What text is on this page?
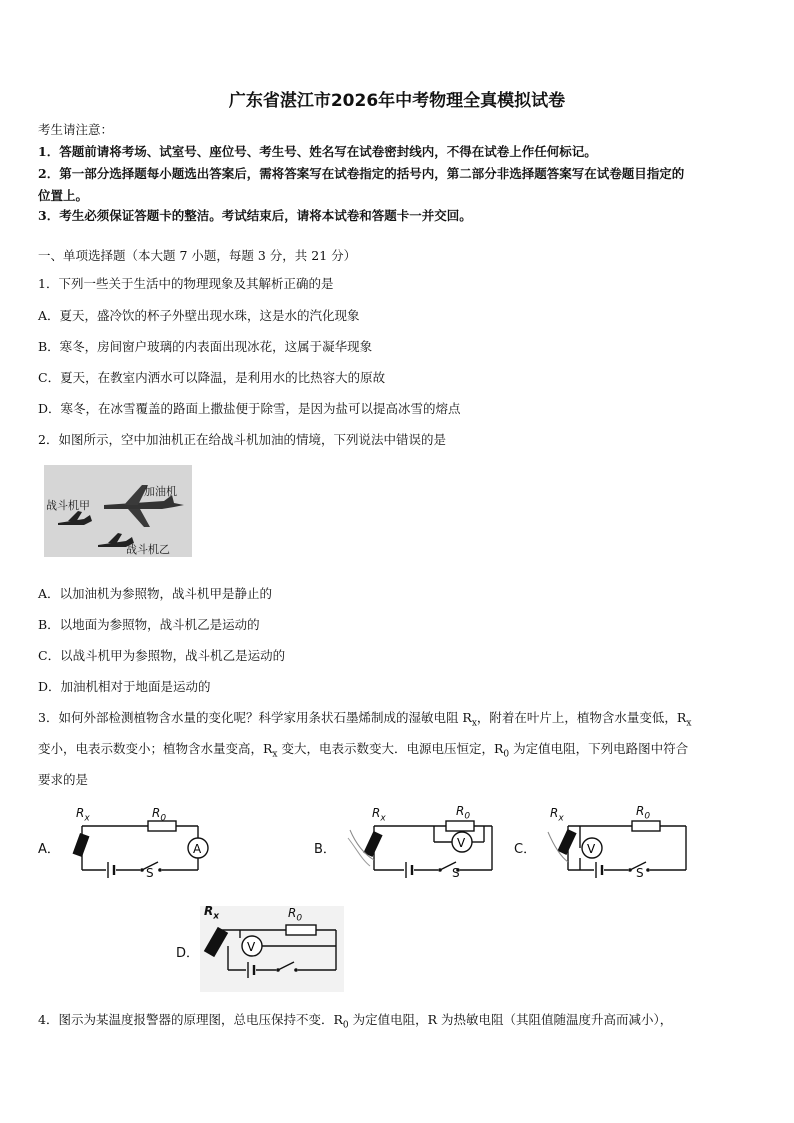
广东省湛江市2026年中考物理全真模拟试卷
考生请注意：
1．答题前请将考场、试室号、座位号、考生号、姓名写在试卷密封线内，不得在试卷上作任何标记。
2．第一部分选择题每小题选出答案后，需将答案写在试卷指定的括号内，第二部分非选择题答案写在试卷题目指定的
位置上。
3．考生必须保证答题卡的整洁。考试结束后，请将本试卷和答题卡一并交回。
一、单项选择题（本大题 7 小题，每题 3 分，共 21 分）
1．下列一些关于生活中的物理现象及其解析正确的是
A．夏天，盛冷饮的杯子外壁出现水珠，这是水的汽化现象
B．寒冬，房间窗户玻璃的内表面出现冰花，这属于凝华现象
C．夏天，在教室内洒水可以降温，是利用水的比热容大的原故
D．寒冬，在冰雪覆盖的路面上撒盐便于除雪，是因为盐可以提高冰雪的熔点
2．如图所示，空中加油机正在给战斗机加油的情境，下列说法中错误的是
加油机
战斗机甲
战斗机乙
A．以加油机为参照物，战斗机甲是静止的
B．以地面为参照物，战斗机乙是运动的
C．以战斗机甲为参照物，战斗机乙是运动的
D．加油机相对于地面是运动的
3．如何外部检测植物含水量的变化呢？科学家用条状石墨烯制成的湿敏电阻 $R_x$，附着在叶片上，植物含水量变低，$R_x$
变小，电表示数变小；植物含水量变高，$R_x$ 变大，电表示数变大．电源电压恒定，$R_0$ 为定值电阻，下列电路图中符合
要求的是
A．	A
$R_x$	$R_0$
S
B．	V
$R_x$
$R_0$
S
C．	V
$R_x$
$R_0$
S
D．	V
$R_x$	$R_0$
4．图示为某温度报警器的原理图，总电压保持不变．$R_0$ 为定值电阻，R 为热敏电阻（其阻值随温度升高而减小），
